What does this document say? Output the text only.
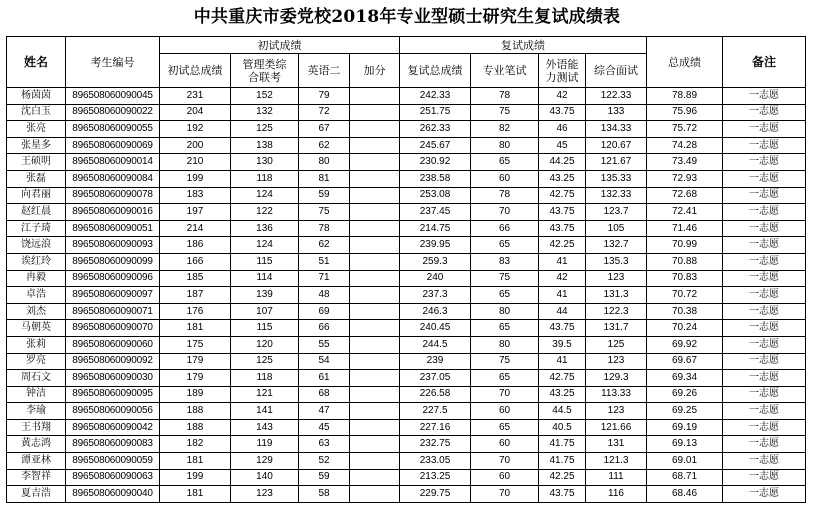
中共重庆市委党校2018年专业型硕士研究生复试成绩表
姓名	考生编号	初试成绩				复试成绩				总成绩	备注
		初试总成绩	管理类综合联考	英语二	加分	复试总成绩	专业笔试	外语能力测试	综合面试		
杨茵茵	896508060090045	231	152	79		242.33	78	42	122.33	78.89	一志愿
沈白玉	896508060090022	204	132	72		251.75	75	43.75	133	75.96	一志愿
张亮	896508060090055	192	125	67		262.33	82	46	134.33	75.72	一志愿
张星多	896508060090069	200	138	62		245.67	80	45	120.67	74.28	一志愿
王硕明	896508060090014	210	130	80		230.92	65	44.25	121.67	73.49	一志愿
张磊	896508060090084	199	118	81		238.58	60	43.25	135.33	72.93	一志愿
向君丽	896508060090078	183	124	59		253.08	78	42.75	132.33	72.68	一志愿
赵红晨	896508060090016	197	122	75		237.45	70	43.75	123.7	72.41	一志愿
江子琦	896508060090051	214	136	78		214.75	66	43.75	105	71.46	一志愿
饶远浪	896508060090093	186	124	62		239.95	65	42.25	132.7	70.99	一志愿
诶红玲	896508060090099	166	115	51		259.3	83	41	135.3	70.88	一志愿
冉毅	896508060090096	185	114	71		240	75	42	123	70.83	一志愿
卓浩	896508060090097	187	139	48		237.3	65	41	131.3	70.72	一志愿
刘杰	896508060090071	176	107	69		246.3	80	44	122.3	70.38	一志愿
马朝英	896508060090070	181	115	66		240.45	65	43.75	131.7	70.24	一志愿
张莉	896508060090060	175	120	55		244.5	80	39.5	125	69.92	一志愿
罗亮	896508060090092	179	125	54		239	75	41	123	69.67	一志愿
周石文	896508060090030	179	118	61		237.05	65	42.75	129.3	69.34	一志愿
钟洁	896508060090095	189	121	68		226.58	70	43.25	113.33	69.26	一志愿
李瑜	896508060090056	188	141	47		227.5	60	44.5	123	69.25	一志愿
王书翔	896508060090042	188	143	45		227.16	65	40.5	121.66	69.19	一志愿
黄志鸿	896508060090083	182	119	63		232.75	60	41.75	131	69.13	一志愿
谭亚林	896508060090059	181	129	52		233.05	70	41.75	121.3	69.01	一志愿
李智祥	896508060090063	199	140	59		213.25	60	42.25	111	68.71	一志愿
夏吉浩	896508060090040	181	123	58		229.75	70	43.75	116	68.46	一志愿
